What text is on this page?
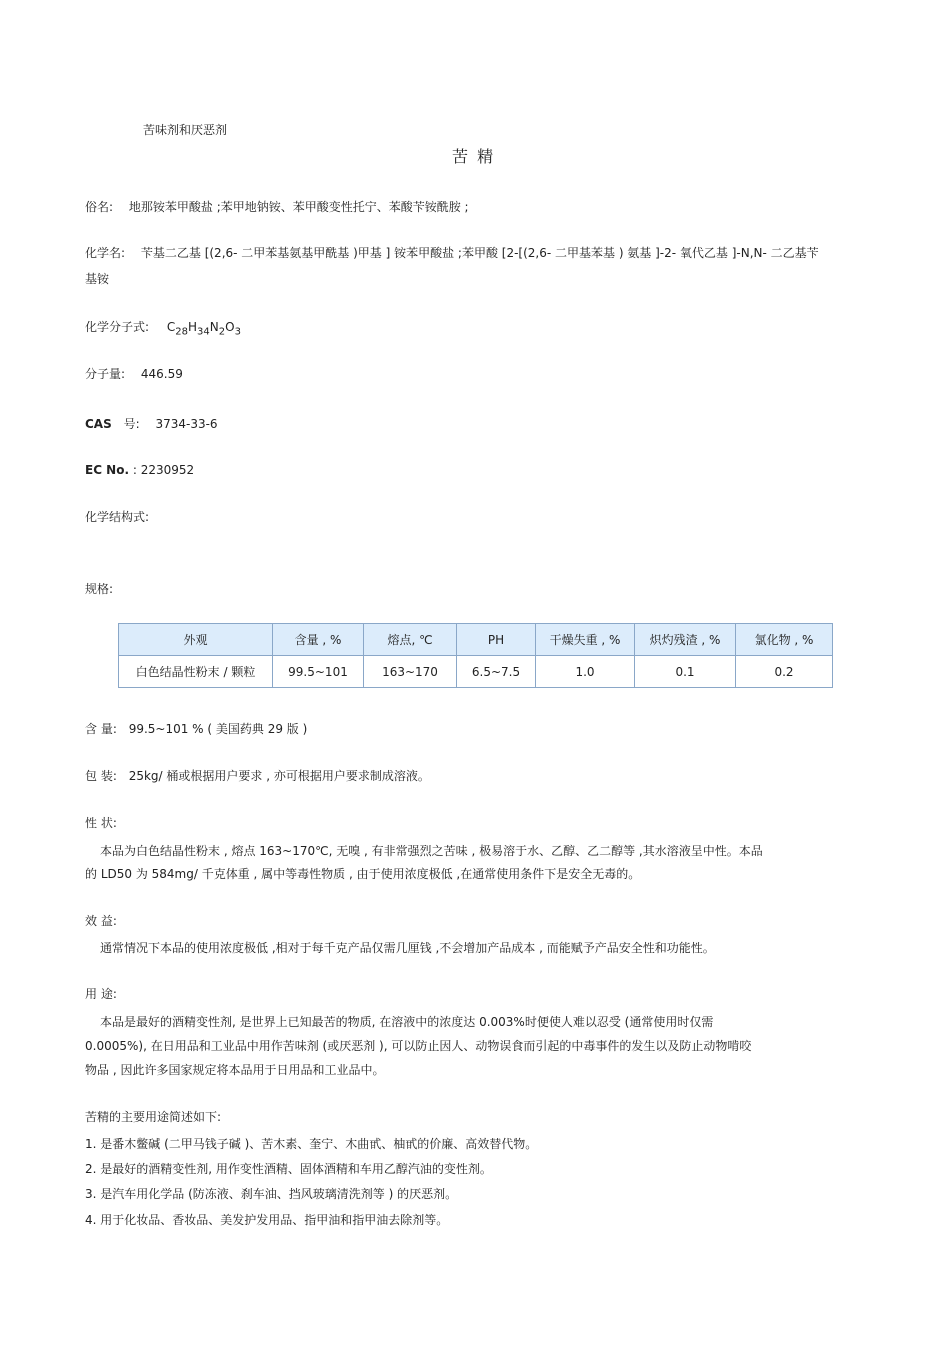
苦味剂和厌恶剂
苦 精
俗名: 地那铵苯甲酸盐 ;苯甲地钠铵、苯甲酸变性托宁、苯酸苄铵酰胺 ;
化学名: 苄基二乙基 [(2,6- 二甲苯基氨基甲酰基 )甲基 ] 铵苯甲酸盐 ;苯甲酸 [2-[(2,6- 二甲基苯基 ) 氨基 ]-2- 氧代乙基 ]-N,N- 二乙基苄
基铵
化学分子式: $C_{28}H_{34}N_2O_3$
分子量: 446.59
CAS 号: 3734-33-6
EC No. : 2230952
化学结构式:
规格:
外观	含量 , %	熔点, ℃	PH	干燥失重 , %	炽灼残渣 , %	氯化物 , %
白色结晶性粉末 / 颗粒	99.5~101	163~170	6.5~7.5	1.0	0.1	0.2
含 量: 99.5~101 % ( 美国药典 29 版 )
包 装: 25kg/ 桶或根据用户要求 , 亦可根据用户要求制成溶液。
性 状:
本品为白色结晶性粉末 , 熔点 163~170℃, 无嗅 , 有非常强烈之苦味 , 极易溶于水、乙醇、乙二醇等 ,其水溶液呈中性。本品
的 LD50 为 584mg/ 千克体重 , 属中等毒性物质 , 由于使用浓度极低 ,在通常使用条件下是安全无毒的。
效 益:
通常情况下本品的使用浓度极低 ,相对于每千克产品仅需几厘钱 ,不会增加产品成本 , 而能赋予产品安全性和功能性。
用 途:
本品是最好的酒精变性剂, 是世界上已知最苦的物质, 在溶液中的浓度达 0.003%时便使人难以忍受 (通常使用时仅需
0.0005%), 在日用品和工业品中用作苦味剂 (或厌恶剂 ), 可以防止因人、动物误食而引起的中毒事件的发生以及防止动物啃咬
物品 , 因此许多国家规定将本品用于日用品和工业品中。
苦精的主要用途简述如下:
1. 是番木鳖碱 (二甲马钱子碱 )、苦木素、奎宁、木曲甙、柚甙的价廉、高效替代物。
2. 是最好的酒精变性剂, 用作变性酒精、固体酒精和车用乙醇汽油的变性剂。
3. 是汽车用化学品 (防冻液、刹车油、挡风玻璃清洗剂等 ) 的厌恶剂。
4. 用于化妆品、香妆品、美发护发用品、指甲油和指甲油去除剂等。
